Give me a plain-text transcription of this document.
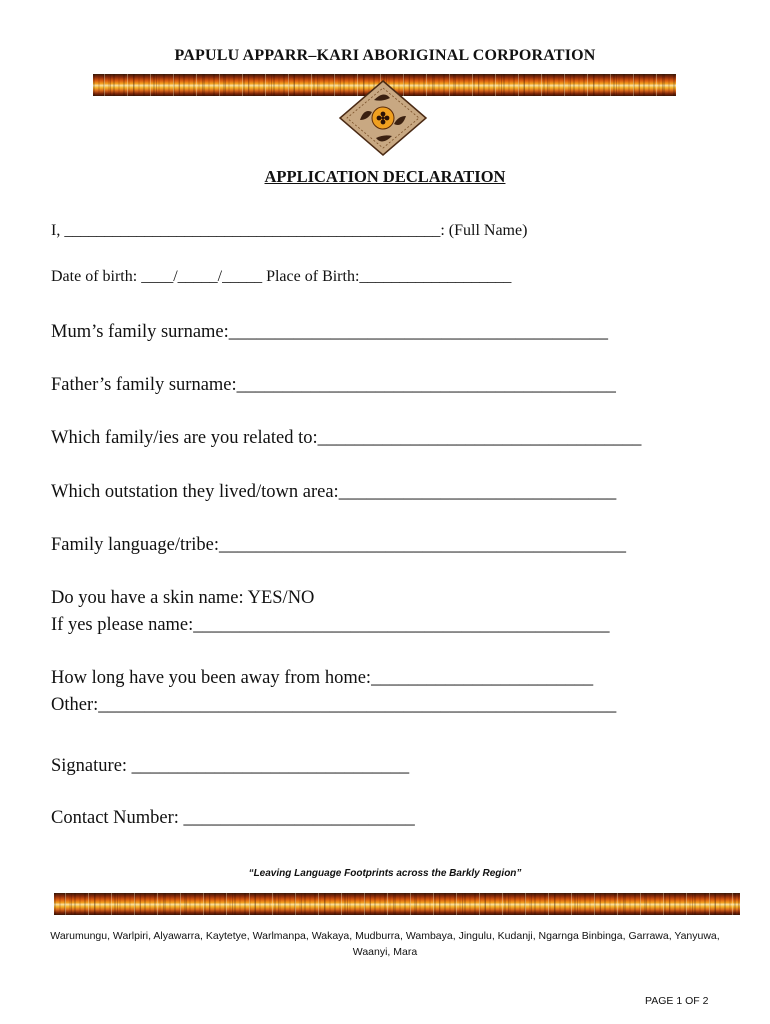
PAPULU APPARR–KARI ABORIGINAL CORPORATION
APPLICATION DECLARATION
I, _______________________________________________: (Full Name)
Date of birth: ____/_____/_____ Place of Birth:___________________
Mum’s family surname:_________________________________________
Father’s family surname:_________________________________________
Which family/ies are you related to:___________________________________
Which outstation they lived/town area:______________________________
Family language/tribe:____________________________________________
Do you have a skin name: YES/NO
If yes please name:_____________________________________________
How long have you been away from home:________________________
Other:________________________________________________________
Signature: ______________________________
Contact Number: _________________________
“Leaving Language Footprints across the Barkly Region”
Warumungu, Warlpiri, Alyawarra, Kaytetye, Warlmanpa, Wakaya, Mudburra, Wambaya, Jingulu, Kudanji, Ngarnga Binbinga, Garrawa, Yanyuwa, Waanyi, Mara
PAGE 1 OF 2
